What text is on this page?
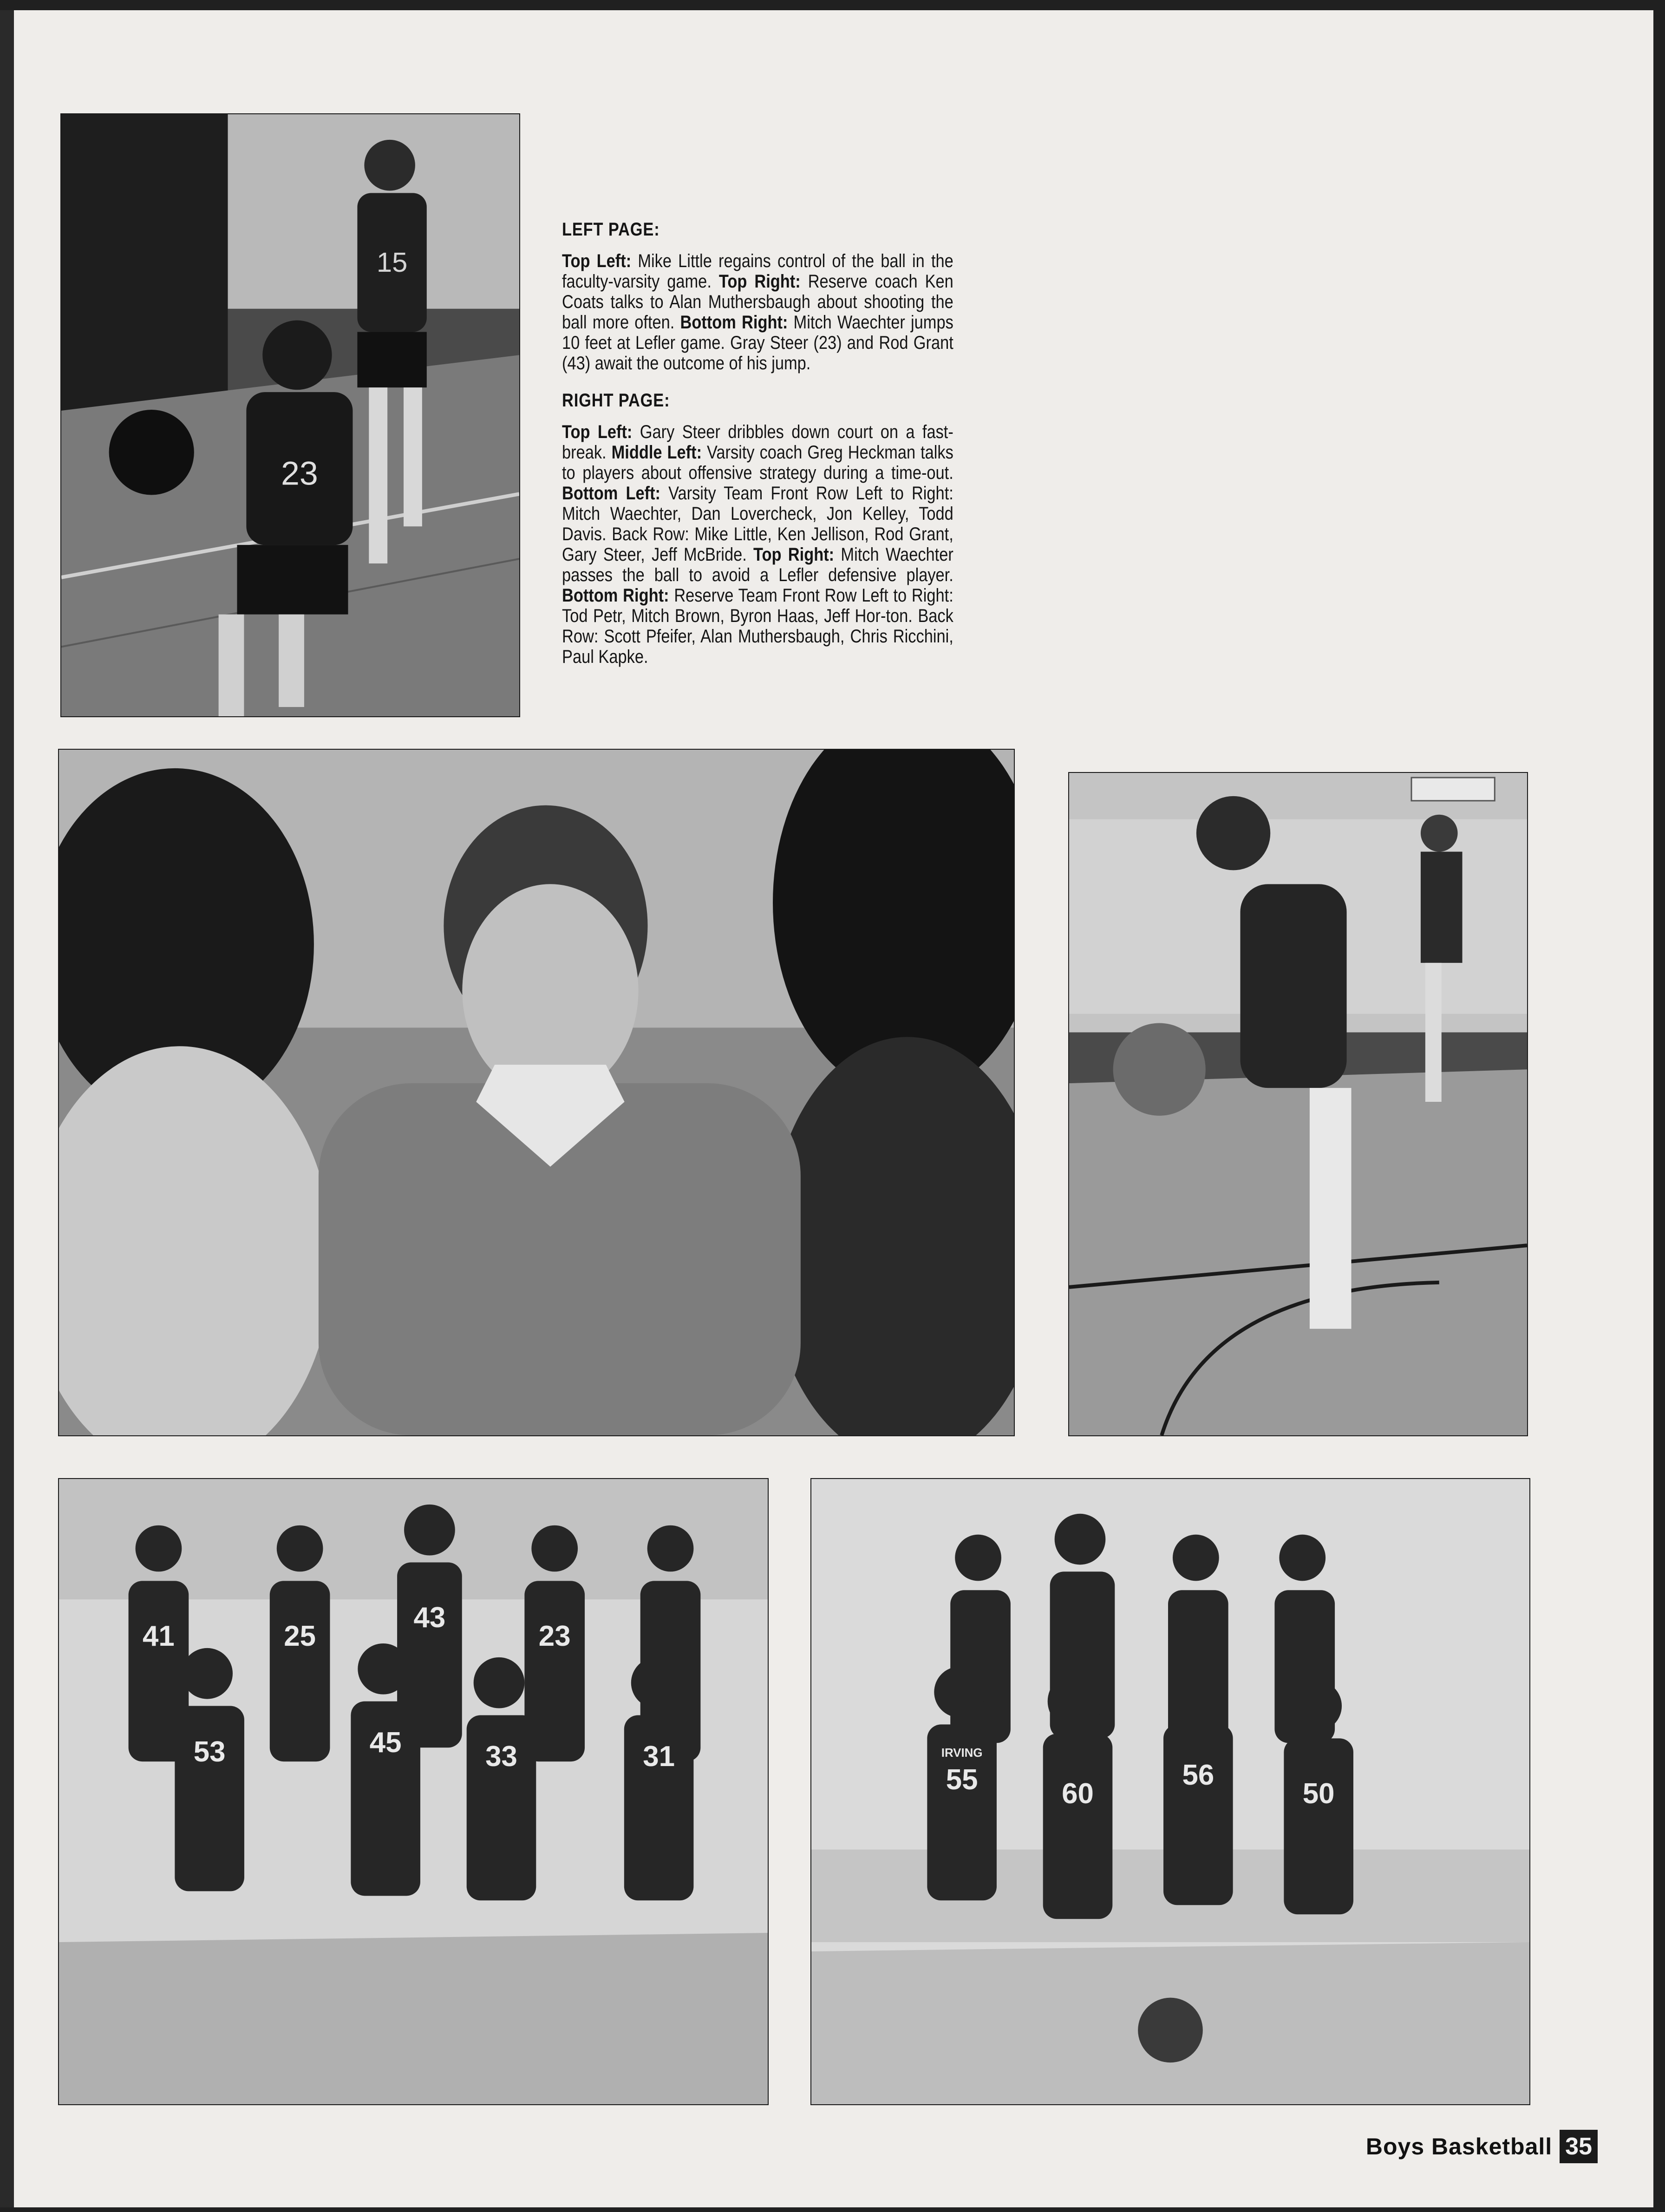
15
23
LEFT PAGE:

Top Left: Mike Little regains control of the ball in the faculty-varsity game. Top Right: Reserve coach Ken Coats talks to Alan Muthersbaugh about shooting the ball more often. Bottom Right: Mitch Waechter jumps 10 feet at Lefler game. Gray Steer (23) and Rod Grant (43) await the outcome of his jump.

RIGHT PAGE:

Top Left: Gary Steer dribbles down court on a fast-break. Middle Left: Varsity coach Greg Heckman talks to players about offensive strategy during a time-out. Bottom Left: Varsity Team Front Row Left to Right: Mitch Waechter, Dan Lovercheck, Jon Kelley, Todd Davis. Back Row: Mike Little, Ken Jellison, Rod Grant, Gary Steer, Jeff McBride. Top Right: Mitch Waechter passes the ball to avoid a Lefler defensive player. Bottom Right: Reserve Team Front Row Left to Right: Tod Petr, Mitch Brown, Byron Haas, Jeff Hor-ton. Back Row: Scott Pfeifer, Alan Muthersbaugh, Chris Ricchini, Paul Kapke.

41	25
43
23
53	45	33	31	IRVING
55	60
56
50
Boys Basketball 35
